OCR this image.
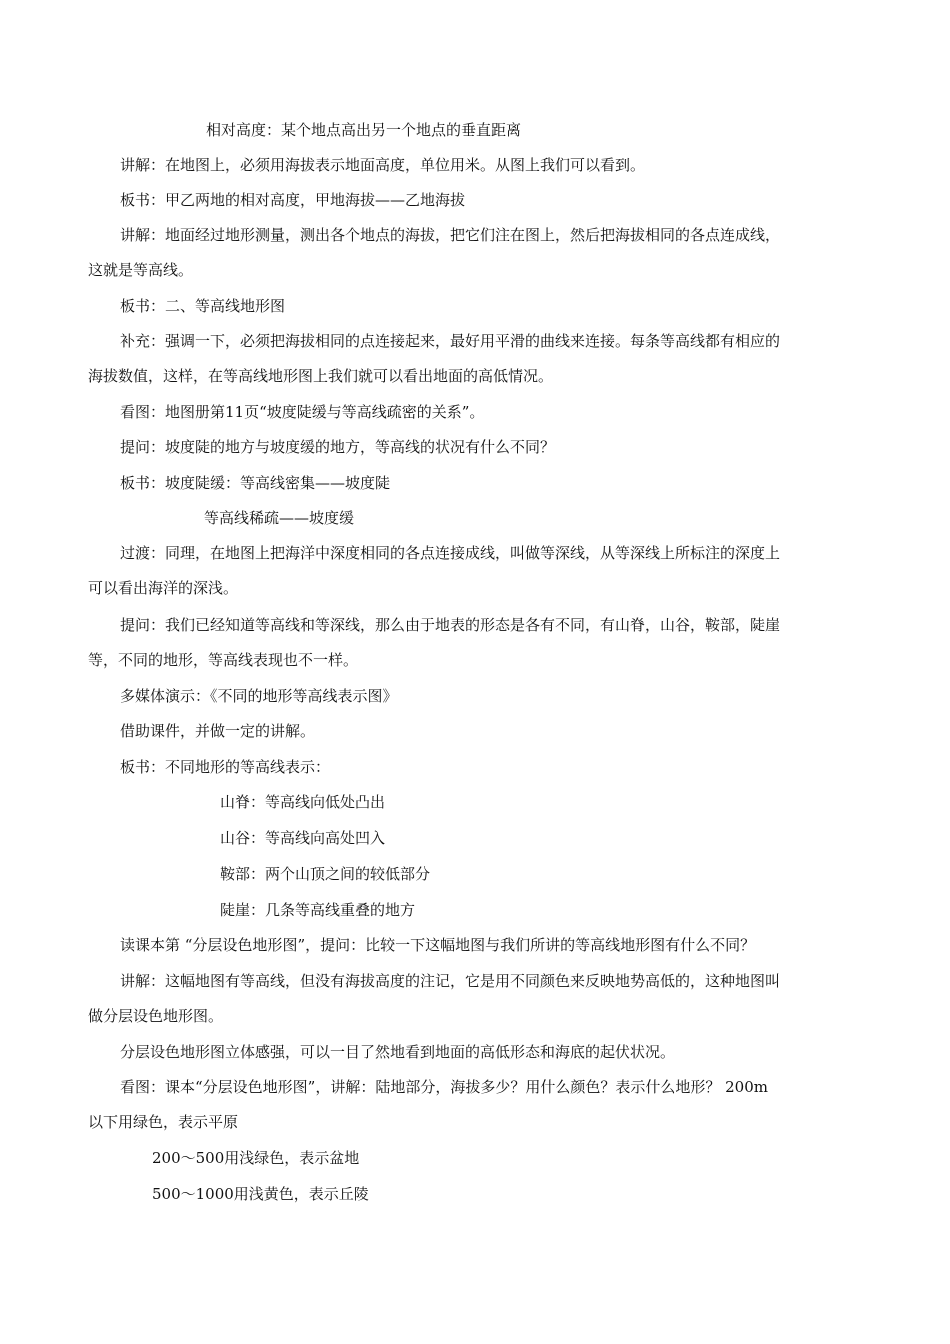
相对高度：某个地点高出另一个地点的垂直距离
讲解：在地图上，必须用海拔表示地面高度，单位用米。从图上我们可以看到。
板书：甲乙两地的相对高度，甲地海拔——乙地海拔
讲解：地面经过地形测量，测出各个地点的海拔，把它们注在图上，然后把海拔相同的各点连成线，
这就是等高线。
板书：二、等高线地形图
补充：强调一下，必须把海拔相同的点连接起来，最好用平滑的曲线来连接。每条等高线都有相应的
海拔数值，这样，在等高线地形图上我们就可以看出地面的高低情况。
看图：地图册第11页“坡度陡缓与等高线疏密的关系”。
提问：坡度陡的地方与坡度缓的地方，等高线的状况有什么不同？
板书：坡度陡缓：等高线密集——坡度陡
等高线稀疏——坡度缓
过渡：同理，在地图上把海洋中深度相同的各点连接成线，叫做等深线，从等深线上所标注的深度上
可以看出海洋的深浅。
提问：我们已经知道等高线和等深线，那么由于地表的形态是各有不同，有山脊，山谷，鞍部，陡崖
等，不同的地形，等高线表现也不一样。
多媒体演示：《不同的地形等高线表示图》
借助课件，并做一定的讲解。
板书：不同地形的等高线表示：
山脊：等高线向低处凸出
山谷：等高线向高处凹入
鞍部：两个山顶之间的较低部分
陡崖：几条等高线重叠的地方
读课本第 “分层设色地形图”，提问：比较一下这幅地图与我们所讲的等高线地形图有什么不同？
讲解：这幅地图有等高线，但没有海拔高度的注记，它是用不同颜色来反映地势高低的，这种地图叫
做分层设色地形图。
分层设色地形图立体感强，可以一目了然地看到地面的高低形态和海底的起伏状况。
看图：课本“分层设色地形图”，讲解：陆地部分，海拔多少？用什么颜色？表示什么地形？ 200m
以下用绿色，表示平原
200～500用浅绿色，表示盆地
500～1000用浅黄色，表示丘陵
